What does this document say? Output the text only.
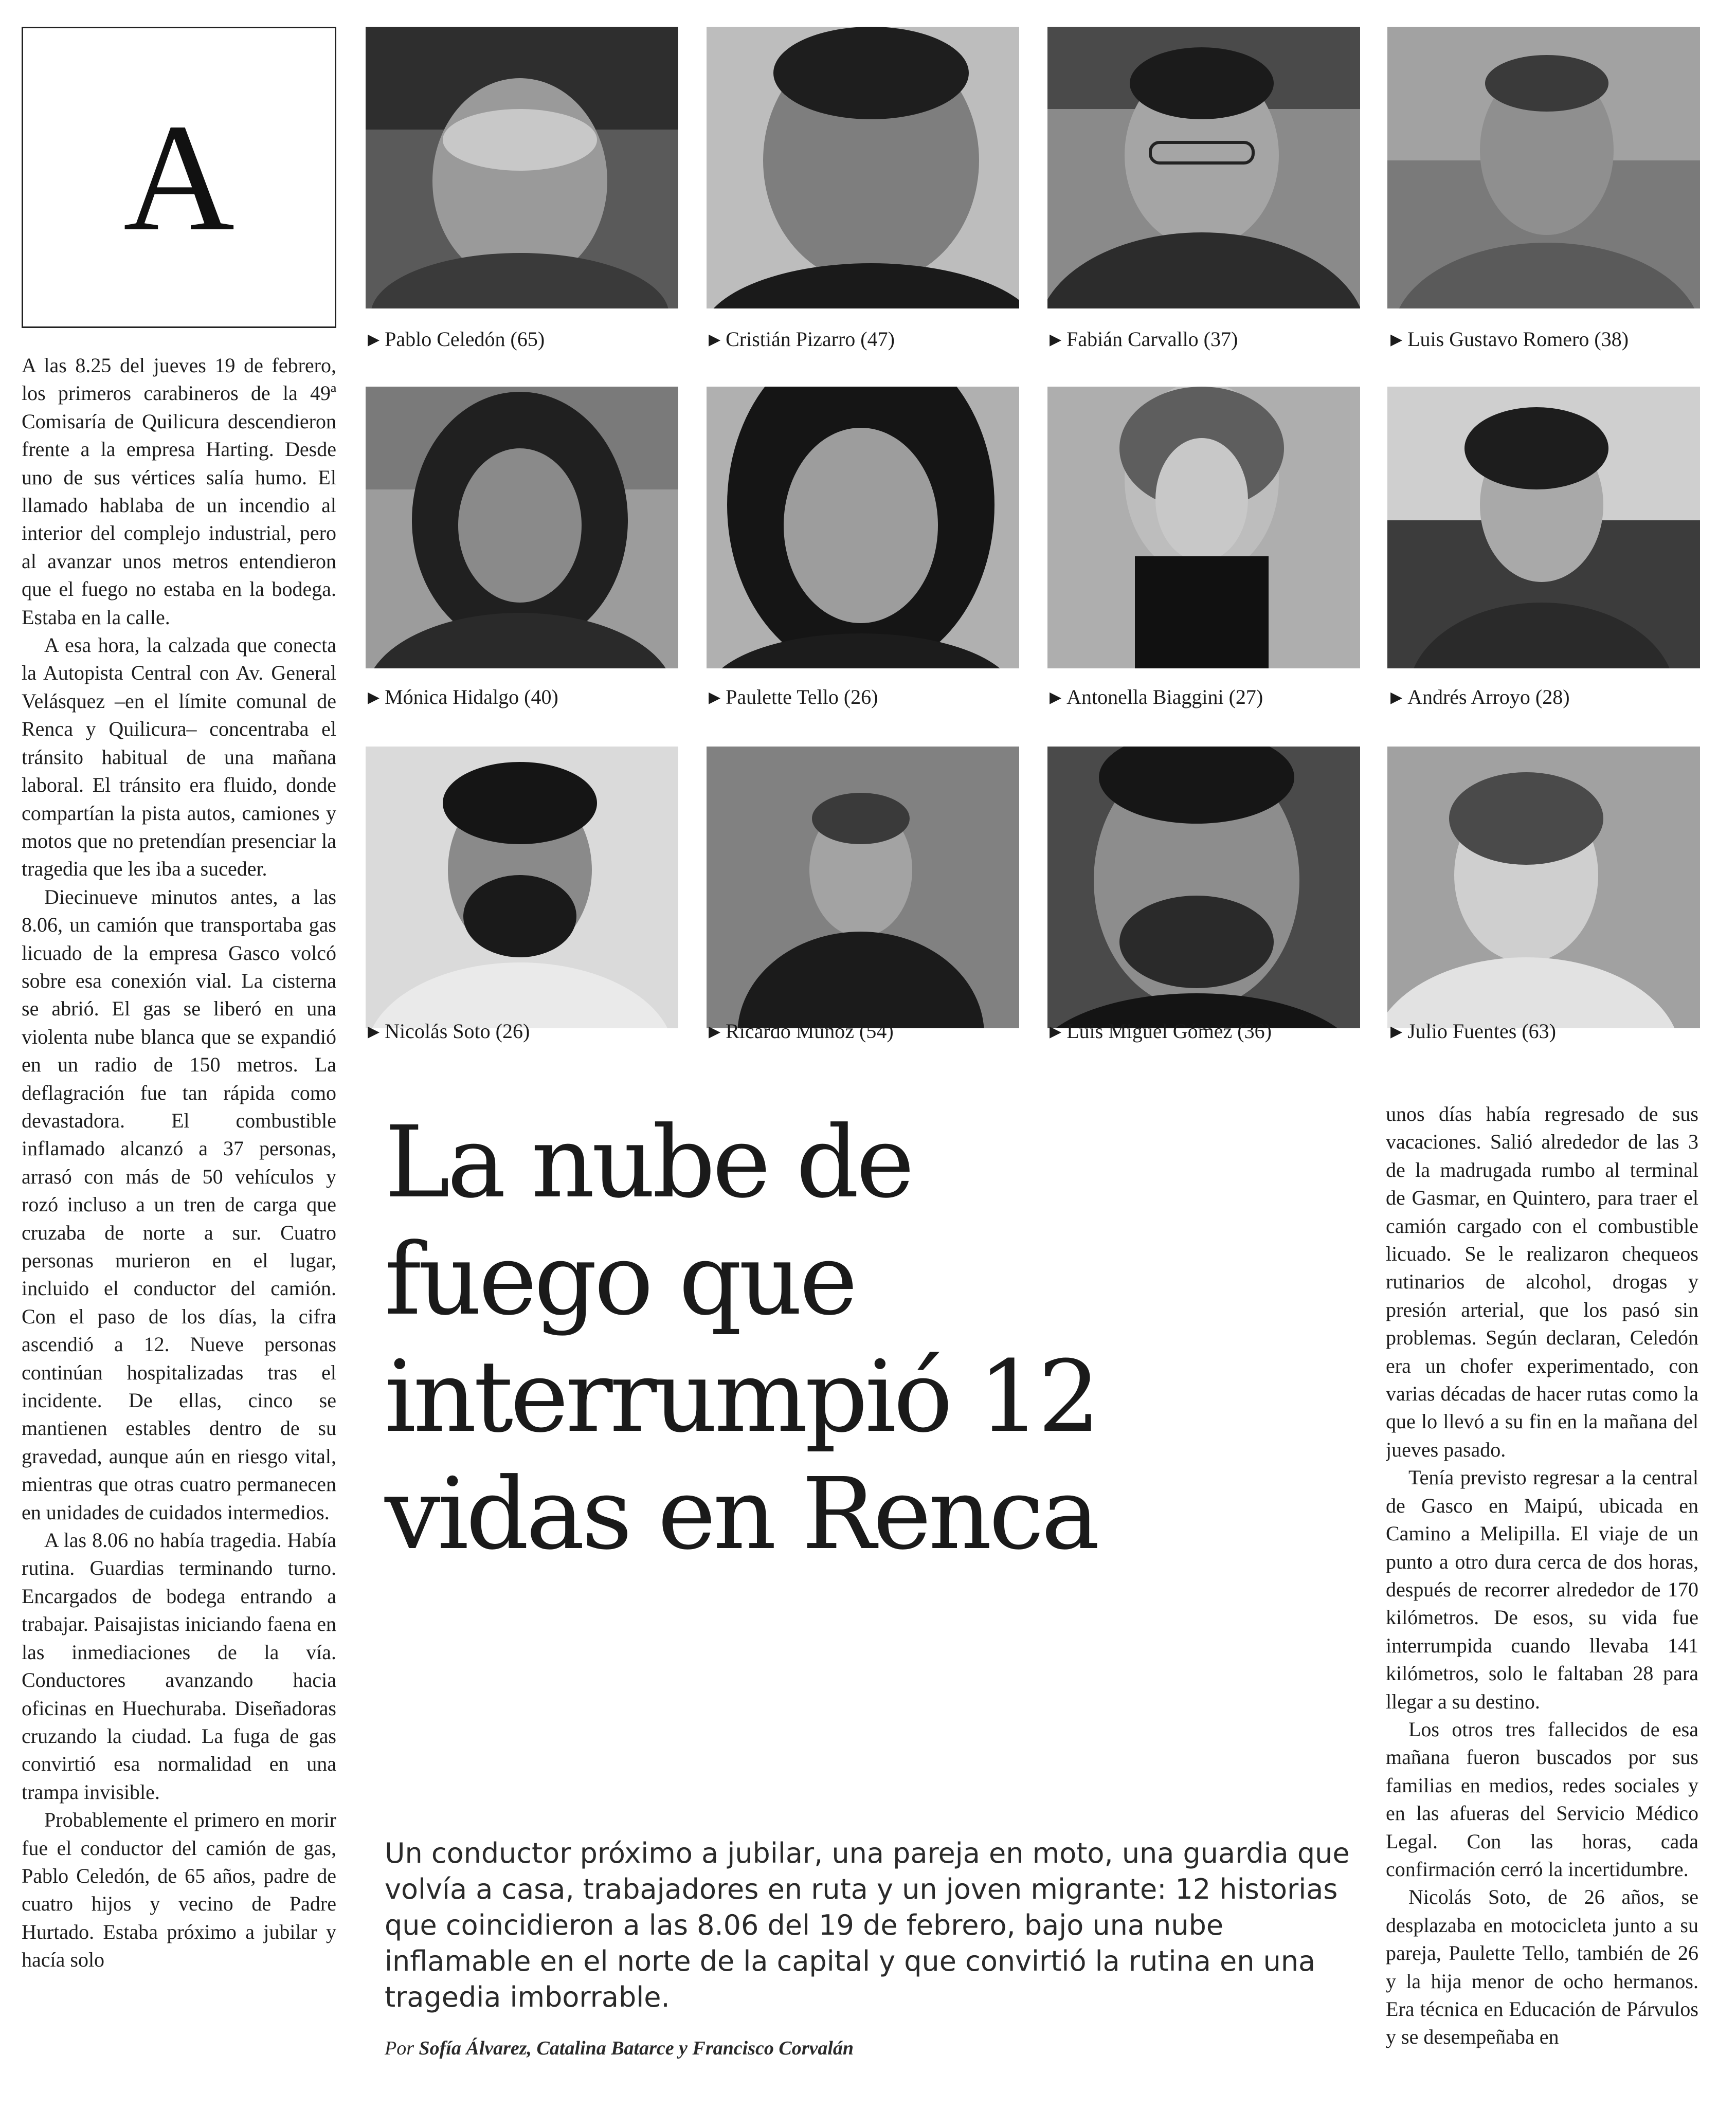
A

A las 8.25 del jueves 19 de febrero, los primeros carabineros de la 49ª Comisaría de Quilicura descendieron frente a la empresa Harting. Desde uno de sus vértices salía humo. El llamado hablaba de un incendio al interior del complejo industrial, pero al avanzar unos metros entendieron que el fuego no estaba en la bodega. Estaba en la calle.

A esa hora, la calzada que conecta la Autopista Central con Av. General Velásquez –en el límite comunal de Renca y Quilicura– concentraba el tránsito habitual de una mañana laboral. El tránsito era fluido, donde compartían la pista autos, camiones y motos que no pretendían presenciar la tragedia que les iba a suceder.

Diecinueve minutos antes, a las 8.06, un camión que transportaba gas licuado de la empresa Gasco volcó sobre esa conexión vial. La cisterna se abrió. El gas se liberó en una violenta nube blanca que se expandió en un radio de 150 metros. La deflagración fue tan rápida como devastadora. El combustible inflamado alcanzó a 37 personas, arrasó con más de 50 vehículos y rozó incluso a un tren de carga que cruzaba de norte a sur. Cuatro personas murieron en el lugar, incluido el conductor del camión. Con el paso de los días, la cifra ascendió a 12. Nueve personas continúan hospitalizadas tras el incidente. De ellas, cinco se mantienen estables dentro de su gravedad, aunque aún en riesgo vital, mientras que otras cuatro permanecen en unidades de cuidados intermedios.

A las 8.06 no había tragedia. Había rutina. Guardias terminando turno. Encargados de bodega entrando a trabajar. Paisajistas iniciando faena en las inmediaciones de la vía. Conductores avanzando hacia oficinas en Huechuraba. Diseñadoras cruzando la ciudad. La fuga de gas convirtió esa normalidad en una trampa invisible.

Probablemente el primero en morir fue el conductor del camión de gas, Pablo Celedón, de 65 años, padre de cuatro hijos y vecino de Padre Hurtado. Estaba próximo a jubilar y hacía solo

▶ Pablo Celedón (65)	▶ Cristián Pizarro (47)	▶ Fabián Carvallo (37)	▶ Luis Gustavo Romero (38)
▶ Mónica Hidalgo (40)	▶ Paulette Tello (26)	▶ Antonella Biaggini (27)	▶ Andrés Arroyo (28)
▶ Nicolás Soto (26)	▶ Ricardo Muñoz (54)	▶ Luis Miguel Gómez (36)	▶ Julio Fuentes (63)
La nube de
fuego que
interrumpió 12
vidas en Renca

Un conductor próximo a jubilar, una pareja en moto, una guardia que volvía a casa, trabajadores en ruta y un joven migrante: 12 historias que coincidieron a las 8.06 del 19 de febrero, bajo una nube inflamable en el norte de la capital y que convirtió la rutina en una tragedia imborrable.

Por Sofía Álvarez, Catalina Batarce y Francisco Corvalán

unos días había regresado de sus vacaciones. Salió alrededor de las 3 de la madrugada rumbo al terminal de Gasmar, en Quintero, para traer el camión cargado con el combustible licuado. Se le realizaron chequeos rutinarios de alcohol, drogas y presión arterial, que los pasó sin problemas. Según declaran, Celedón era un chofer experimentado, con varias décadas de hacer rutas como la que lo llevó a su fin en la mañana del jueves pasado.

Tenía previsto regresar a la central de Gasco en Maipú, ubicada en Camino a Melipilla. El viaje de un punto a otro dura cerca de dos horas, después de recorrer alrededor de 170 kilómetros. De esos, su vida fue interrumpida cuando llevaba 141 kilómetros, solo le faltaban 28 para llegar a su destino.

Los otros tres fallecidos de esa mañana fueron buscados por sus familias en medios, redes sociales y en las afueras del Servicio Médico Legal. Con las horas, cada confirmación cerró la incertidumbre.

Nicolás Soto, de 26 años, se desplazaba en motocicleta junto a su pareja, Paulette Tello, también de 26 y la hija menor de ocho hermanos. Era técnica en Educación de Párvulos y se desempeñaba en
